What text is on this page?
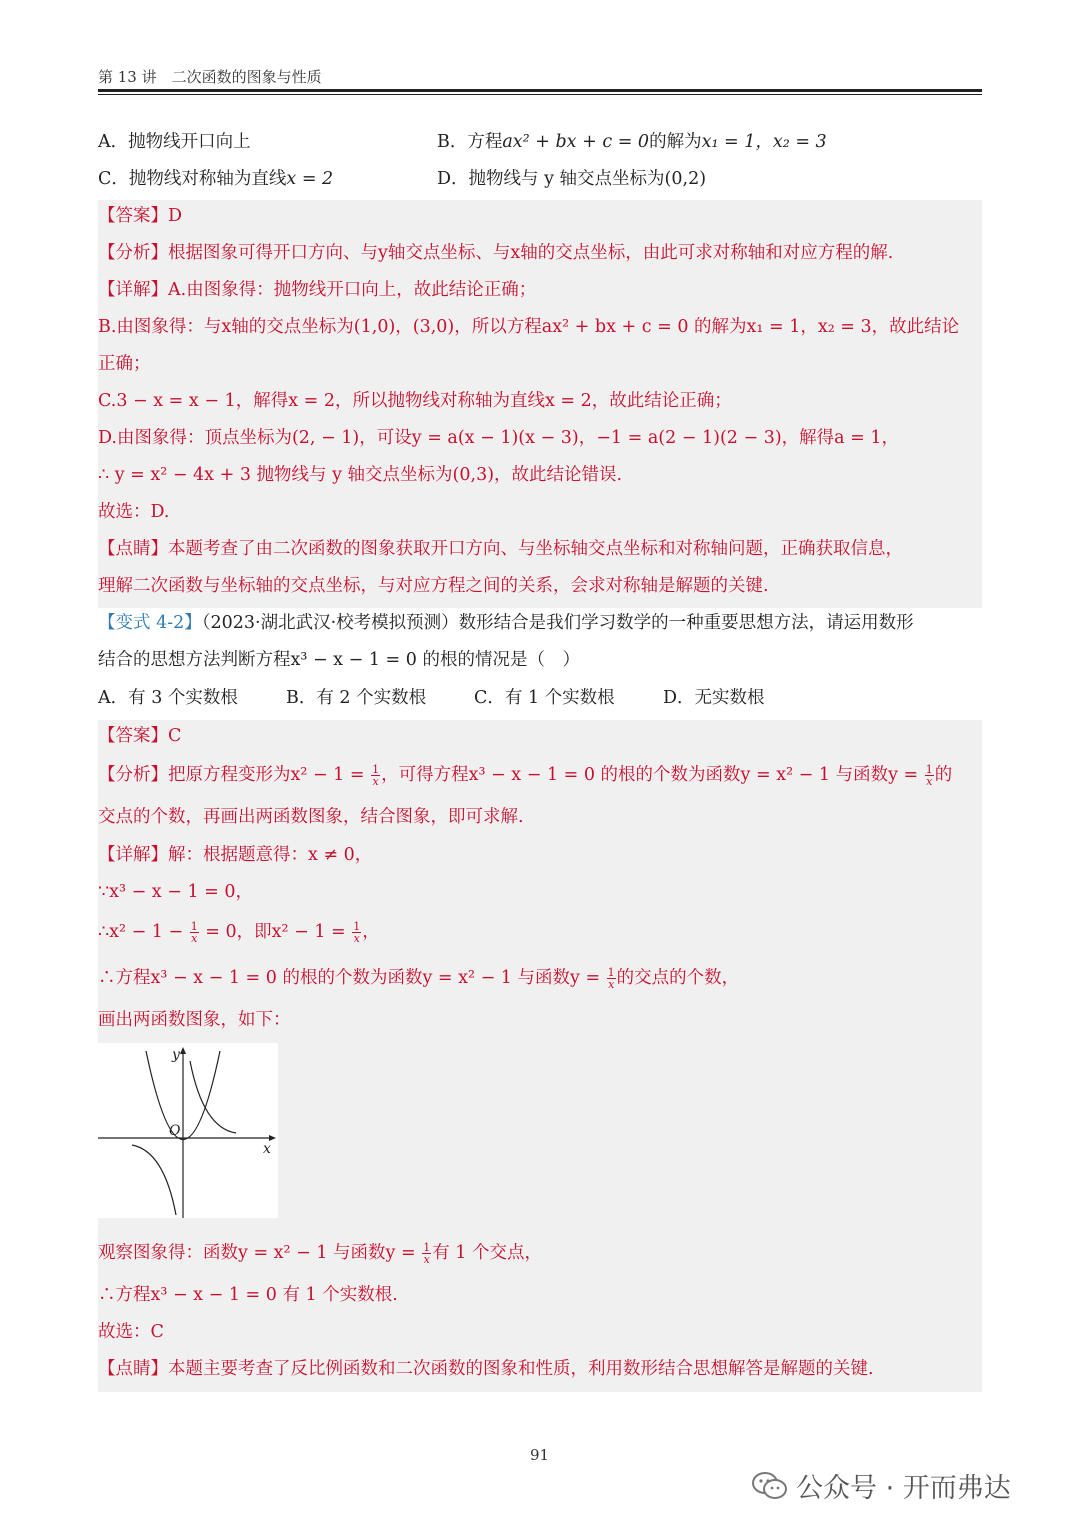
第 13 讲　二次函数的图象与性质
A．抛物线开口向上	B．方程ax² + bx + c = 0的解为x₁ = 1，x₂ = 3
C．抛物线对称轴为直线x = 2	D．抛物线与 y 轴交点坐标为(0,2)
【答案】D
【分析】根据图象可得开口方向、与y轴交点坐标、与x轴的交点坐标，由此可求对称轴和对应方程的解.
【详解】A.由图象得：抛物线开口向上，故此结论正确；
B.由图象得：与x轴的交点坐标为(1,0)，(3,0)，所以方程ax² + bx + c = 0 的解为x₁ = 1，x₂ = 3，故此结论
正确；
C.3 − x = x − 1，解得x = 2，所以抛物线对称轴为直线x = 2，故此结论正确；
D.由图象得：顶点坐标为(2, − 1)，可设y = a(x − 1)(x − 3)，−1 = a(2 − 1)(2 − 3)，解得a = 1，
∴ y = x² − 4x + 3 抛物线与 y 轴交点坐标为(0,3)，故此结论错误.
故选：D.
【点睛】本题考查了由二次函数的图象获取开口方向、与坐标轴交点坐标和对称轴问题，正确获取信息，
理解二次函数与坐标轴的交点坐标，与对应方程之间的关系，会求对称轴是解题的关键.
【变式 4-2】（2023·湖北武汉·校考模拟预测）数形结合是我们学习数学的一种重要思想方法，请运用数形
结合的思想方法判断方程x³ − x − 1 = 0 的根的情况是（　）
A．有 3 个实数根	B．有 2 个实数根	C．有 1 个实数根	D．无实数根
【答案】C
【分析】把原方程变形为$x^2 - 1 = \frac{1}{x}$ ，可得方程x³ − x − 1 = 0 的根的个数为函数y = x² − 1 与函数$y = \frac{1}{x}$ 的
交点的个数，再画出两函数图象，结合图象，即可求解.
【详解】解：根据题意得：x ≠ 0，
∵x³ − x − 1 = 0，
∴x² − $1 - \frac{1}{x} = 0$，即$x^2 - 1 = \frac{1}{x}$ ，
∴方程x³ − x − 1 = 0 的根的个数为函数y = x² − 1 与函数$y = \frac{1}{x}$ 的交点的个数，
画出两函数图象，如下：
y
x
O
观察图象得：函数y = x² − 1 与函数$y = \frac{1}{x}$ 有 1 个交点，
∴方程x³ − x − 1 = 0 有 1 个实数根.
故选：C
【点睛】本题主要考查了反比例函数和二次函数的图象和性质，利用数形结合思想解答是解题的关键.
91
公众号 · 开而弗达
